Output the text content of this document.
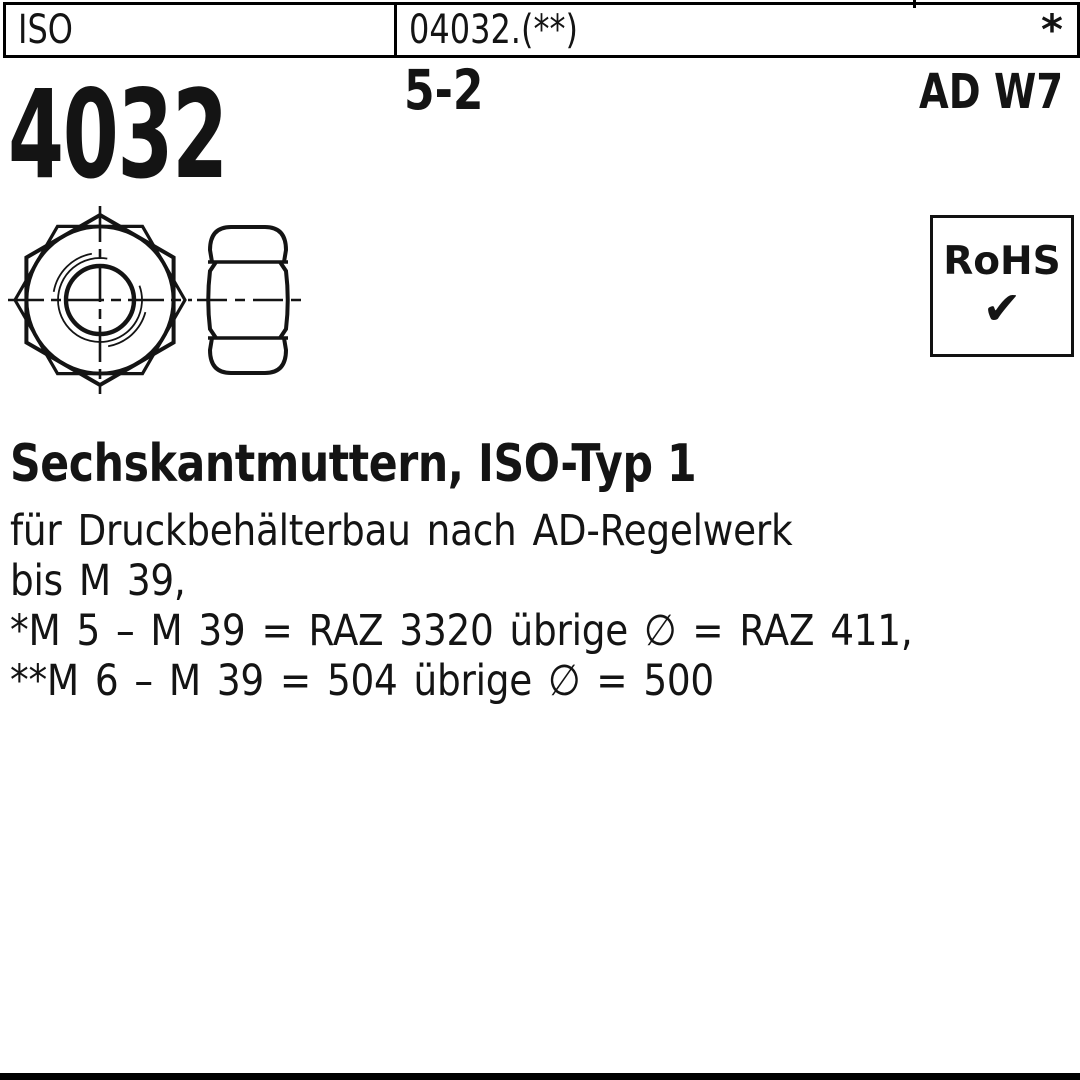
ISO	04032.(**)	*
4032	5-2	AD W7
RoHS
✔
Sechskantmuttern, ISO-Typ 1
für Druckbehälterbau nach AD-Regelwerk
bis M 39,
*M 5 – M 39 = RAZ 3320 übrige ∅ = RAZ 411,
**M 6 – M 39 = 504 übrige ∅ = 500
